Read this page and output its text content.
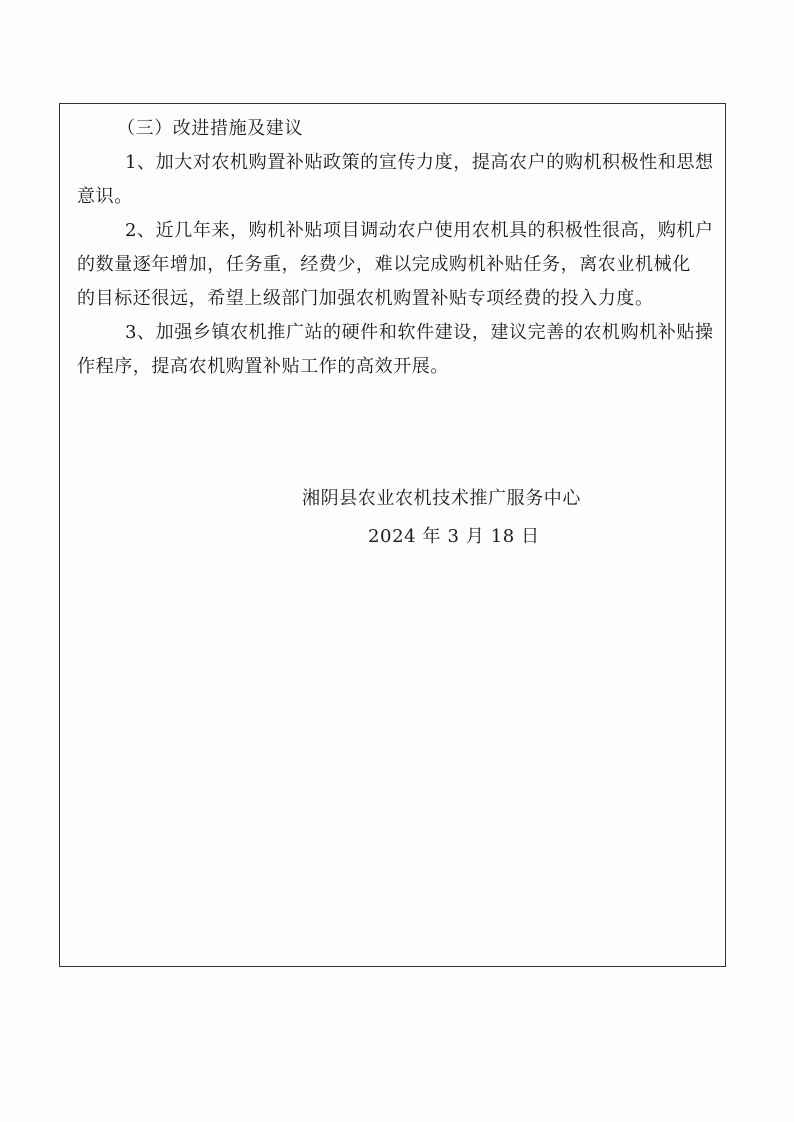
（三）改进措施及建议
1、加大对农机购置补贴政策的宣传力度，提高农户的购机积极性和思想
意识。
2、近几年来，购机补贴项目调动农户使用农机具的积极性很高，购机户
的数量逐年增加，任务重，经费少，难以完成购机补贴任务，离农业机械化
的目标还很远，希望上级部门加强农机购置补贴专项经费的投入力度。
3、加强乡镇农机推广站的硬件和软件建设，建议完善的农机购机补贴操
作程序，提高农机购置补贴工作的高效开展。
湘阴县农业农机技术推广服务中心
2024 年 3 月 18 日
